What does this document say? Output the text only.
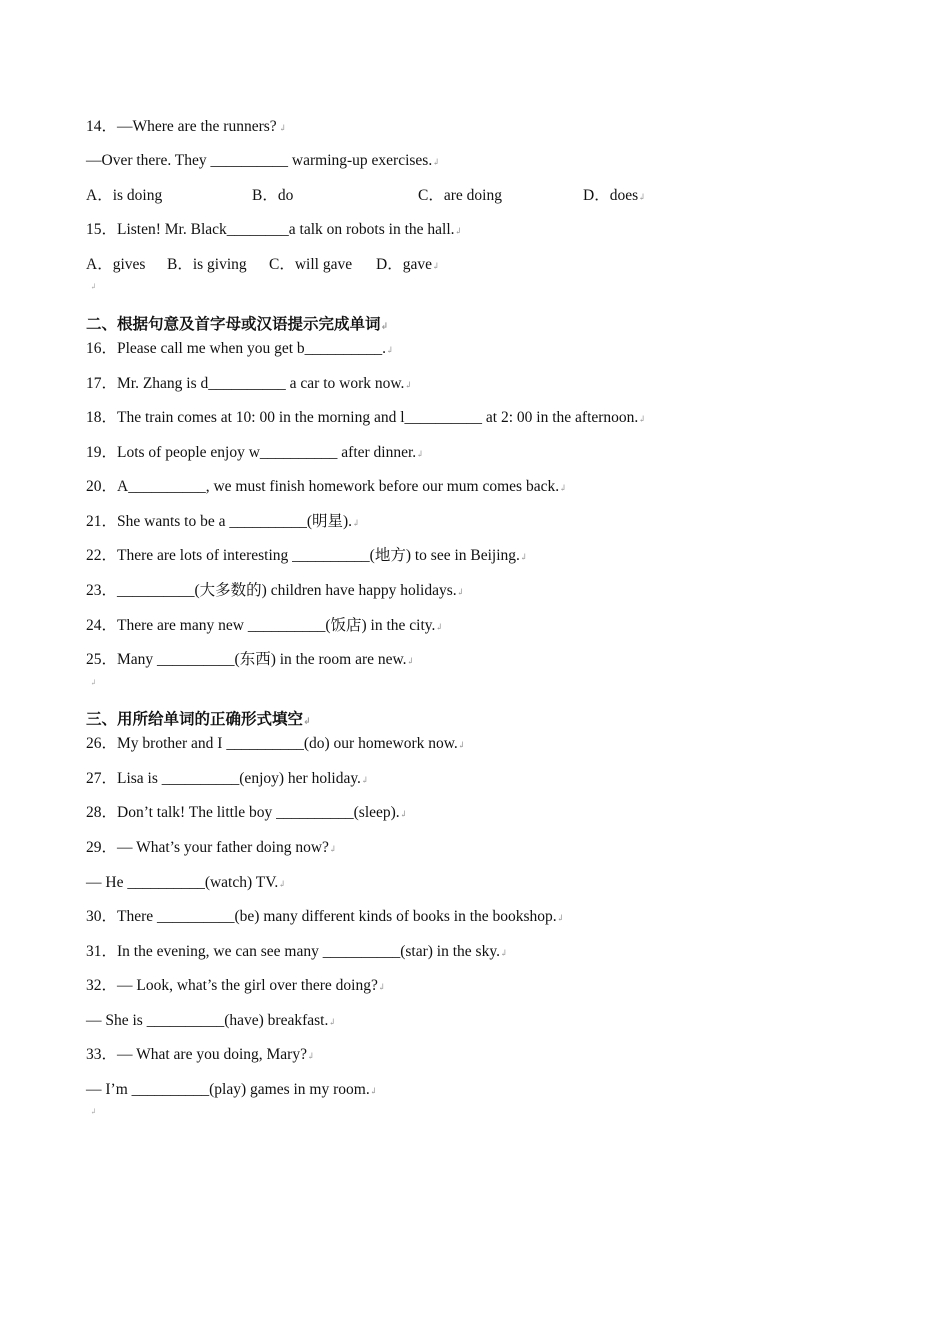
14．—Where are the runners? ↲
—Over there. They __________ warming-up exercises.↲
A．is doing	B．do	C．are doing	D．does↲
15．Listen! Mr. Black________a talk on robots in the hall.↲
A．gives B．is giving C．will gave D．gave↲
↲
二、根据句意及首字母或汉语提示完成单词↲
16．Please call me when you get b__________.↲
17．Mr. Zhang is d__________ a car to work now.↲
18．The train comes at 10: 00 in the morning and l__________ at 2: 00 in the afternoon.↲
19．Lots of people enjoy w__________ after dinner.↲
20．A__________, we must finish homework before our mum comes back.↲
21．She wants to be a __________(明星).↲
22．There are lots of interesting __________(地方) to see in Beijing.↲
23．__________(大多数的) children have happy holidays.↲
24．There are many new __________(饭店) in the city.↲
25．Many __________(东西) in the room are new.↲
↲
三、用所给单词的正确形式填空↲
26．My brother and I __________(do) our homework now.↲
27．Lisa is __________(enjoy) her holiday.↲
28．Don’t talk! The little boy __________(sleep).↲
29．— What’s your father doing now?↲
— He __________(watch) TV.↲
30．There __________(be) many different kinds of books in the bookshop.↲
31．In the evening, we can see many __________(star) in the sky.↲
32．— Look, what’s the girl over there doing?↲
— She is __________(have) breakfast.↲
33．— What are you doing, Mary?↲
— I’m __________(play) games in my room.↲
↲
